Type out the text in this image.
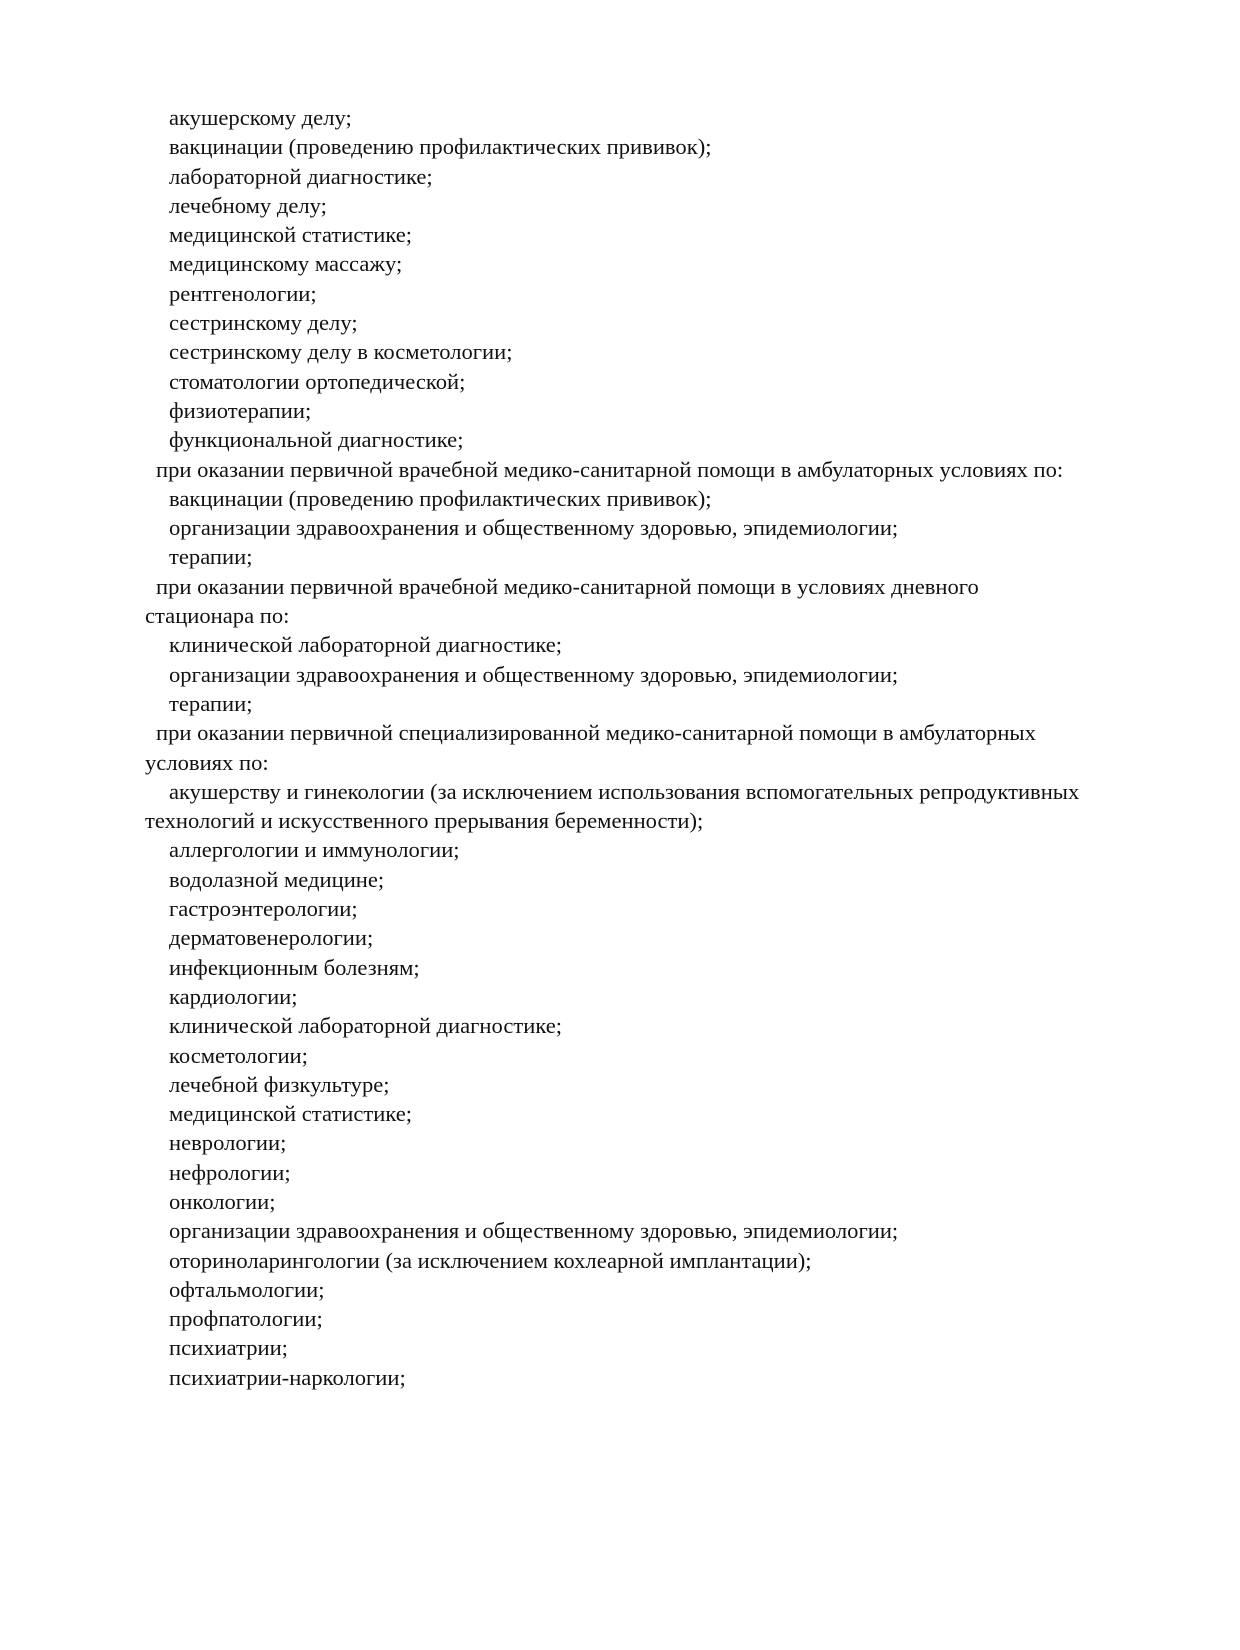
акушерскому делу;
вакцинации (проведению профилактических прививок);
лабораторной диагностике;
лечебному делу;
медицинской статистике;
медицинскому массажу;
рентгенологии;
сестринскому делу;
сестринскому делу в косметологии;
стоматологии ортопедической;
физиотерапии;
функциональной диагностике;
при оказании первичной врачебной медико-санитарной помощи в амбулаторных условиях по:
вакцинации (проведению профилактических прививок);
организации здравоохранения и общественному здоровью, эпидемиологии;
терапии;
при оказании первичной врачебной медико-санитарной помощи в условиях дневного
стационара по:
клинической лабораторной диагностике;
организации здравоохранения и общественному здоровью, эпидемиологии;
терапии;
при оказании первичной специализированной медико-санитарной помощи в амбулаторных
условиях по:
акушерству и гинекологии (за исключением использования вспомогательных репродуктивных
технологий и искусственного прерывания беременности);
аллергологии и иммунологии;
водолазной медицине;
гастроэнтерологии;
дерматовенерологии;
инфекционным болезням;
кардиологии;
клинической лабораторной диагностике;
косметологии;
лечебной физкультуре;
медицинской статистике;
неврологии;
нефрологии;
онкологии;
организации здравоохранения и общественному здоровью, эпидемиологии;
оториноларингологии (за исключением кохлеарной имплантации);
офтальмологии;
профпатологии;
психиатрии;
психиатрии-наркологии;
